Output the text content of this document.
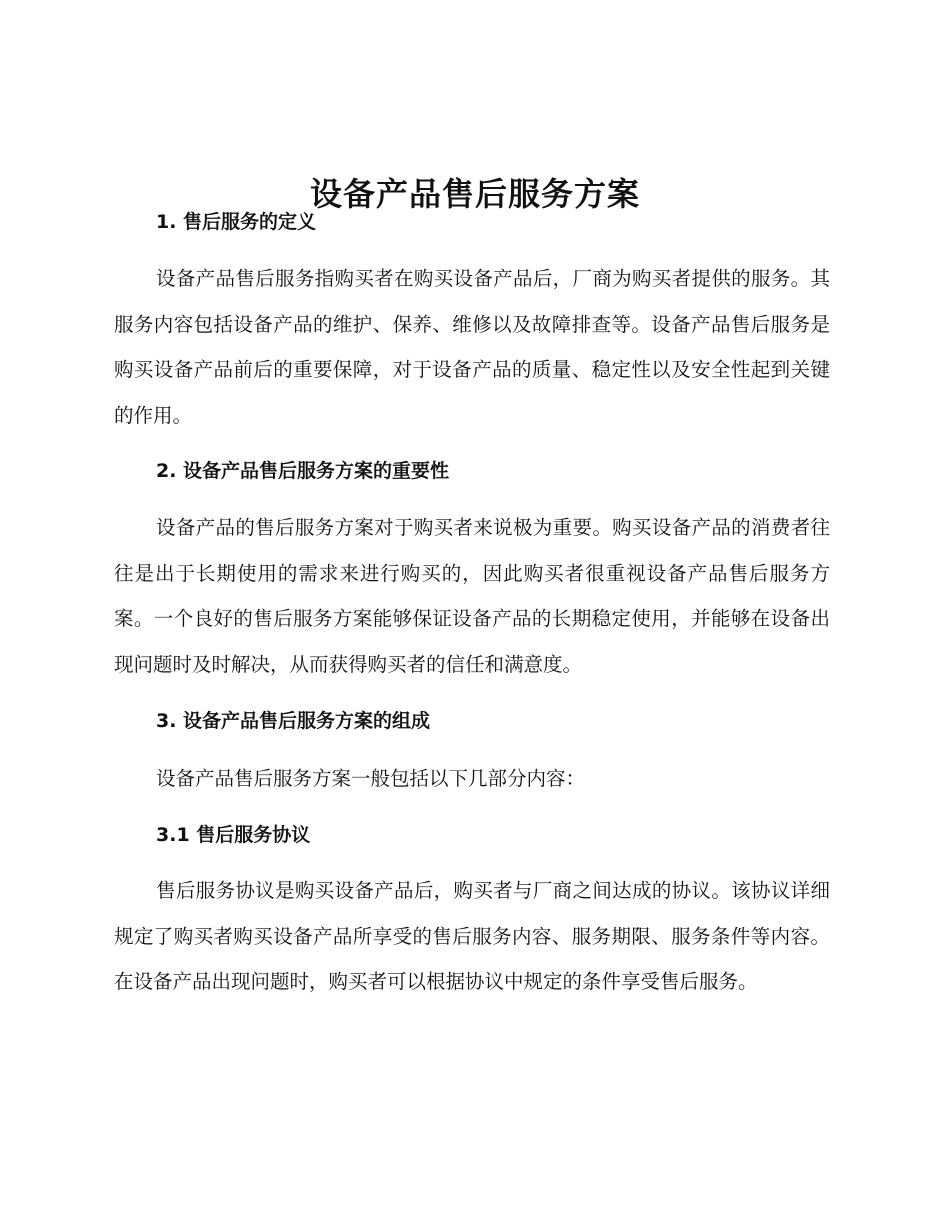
设备产品售后服务方案
1. 售后服务的定义

设备产品售后服务指购买者在购买设备产品后，厂商为购买者提供的服务。其服务内容包括设备产品的维护、保养、维修以及故障排查等。设备产品售后服务是购买设备产品前后的重要保障，对于设备产品的质量、稳定性以及安全性起到关键的作用。

2. 设备产品售后服务方案的重要性

设备产品的售后服务方案对于购买者来说极为重要。购买设备产品的消费者往往是出于长期使用的需求来进行购买的，因此购买者很重视设备产品售后服务方案。一个良好的售后服务方案能够保证设备产品的长期稳定使用，并能够在设备出现问题时及时解决，从而获得购买者的信任和满意度。

3. 设备产品售后服务方案的组成

设备产品售后服务方案一般包括以下几部分内容：

3.1 售后服务协议

售后服务协议是购买设备产品后，购买者与厂商之间达成的协议。该协议详细规定了购买者购买设备产品所享受的售后服务内容、服务期限、服务条件等内容。在设备产品出现问题时，购买者可以根据协议中规定的条件享受售后服务。
